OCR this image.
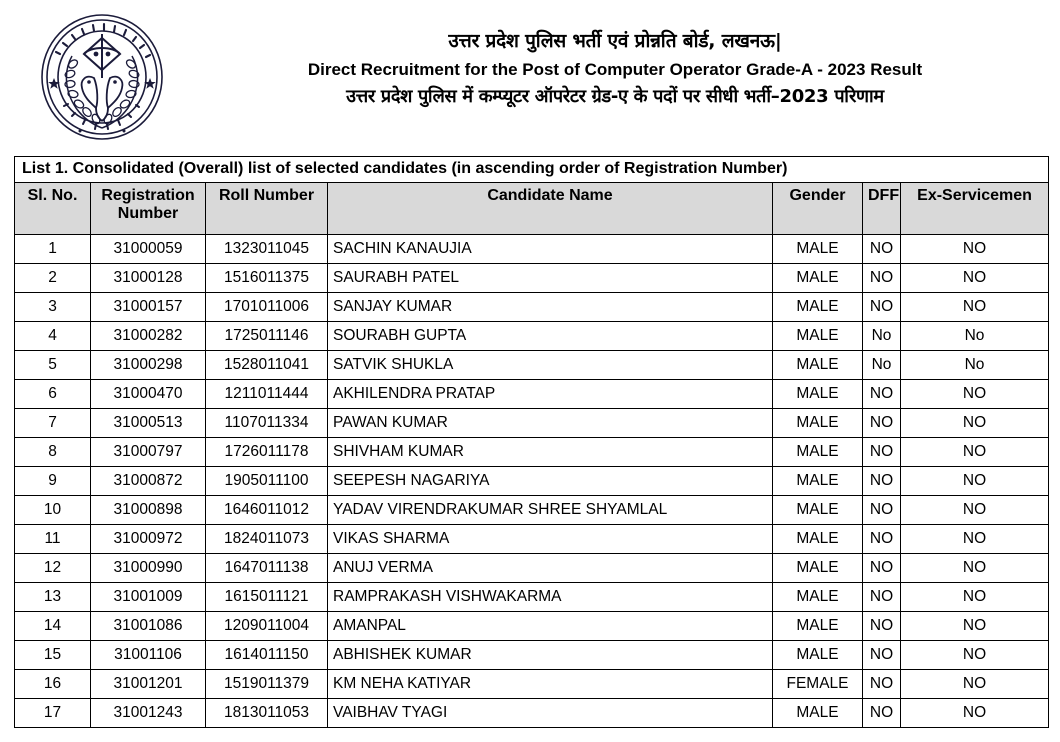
उत्तर प्रदेश पुलिस भर्ती एवं प्रोन्नति बोर्ड, लखनऊ|
Direct Recruitment for the Post of Computer Operator Grade-A - 2023 Result
उत्तर प्रदेश पुलिस में कम्प्यूटर ऑपरेटर ग्रेड-ए के पदों पर सीधी भर्ती–2023 परिणाम
List 1. Consolidated (Overall) list of selected candidates (in ascending order of Registration Number)						
Sl. No.	Registration Number	Roll Number	Candidate Name	Gender	DFF	Ex-Servicemen
1	31000059	1323011045	SACHIN KANAUJIA	MALE	NO	NO
2	31000128	1516011375	SAURABH PATEL	MALE	NO	NO
3	31000157	1701011006	SANJAY KUMAR	MALE	NO	NO
4	31000282	1725011146	SOURABH GUPTA	MALE	No	No
5	31000298	1528011041	SATVIK SHUKLA	MALE	No	No
6	31000470	1211011444	AKHILENDRA PRATAP	MALE	NO	NO
7	31000513	1107011334	PAWAN KUMAR	MALE	NO	NO
8	31000797	1726011178	SHIVHAM KUMAR	MALE	NO	NO
9	31000872	1905011100	SEEPESH NAGARIYA	MALE	NO	NO
10	31000898	1646011012	YADAV VIRENDRAKUMAR SHREE SHYAMLAL	MALE	NO	NO
11	31000972	1824011073	VIKAS SHARMA	MALE	NO	NO
12	31000990	1647011138	ANUJ VERMA	MALE	NO	NO
13	31001009	1615011121	RAMPRAKASH VISHWAKARMA	MALE	NO	NO
14	31001086	1209011004	AMANPAL	MALE	NO	NO
15	31001106	1614011150	ABHISHEK KUMAR	MALE	NO	NO
16	31001201	1519011379	KM NEHA KATIYAR	FEMALE	NO	NO
17	31001243	1813011053	VAIBHAV TYAGI	MALE	NO	NO
